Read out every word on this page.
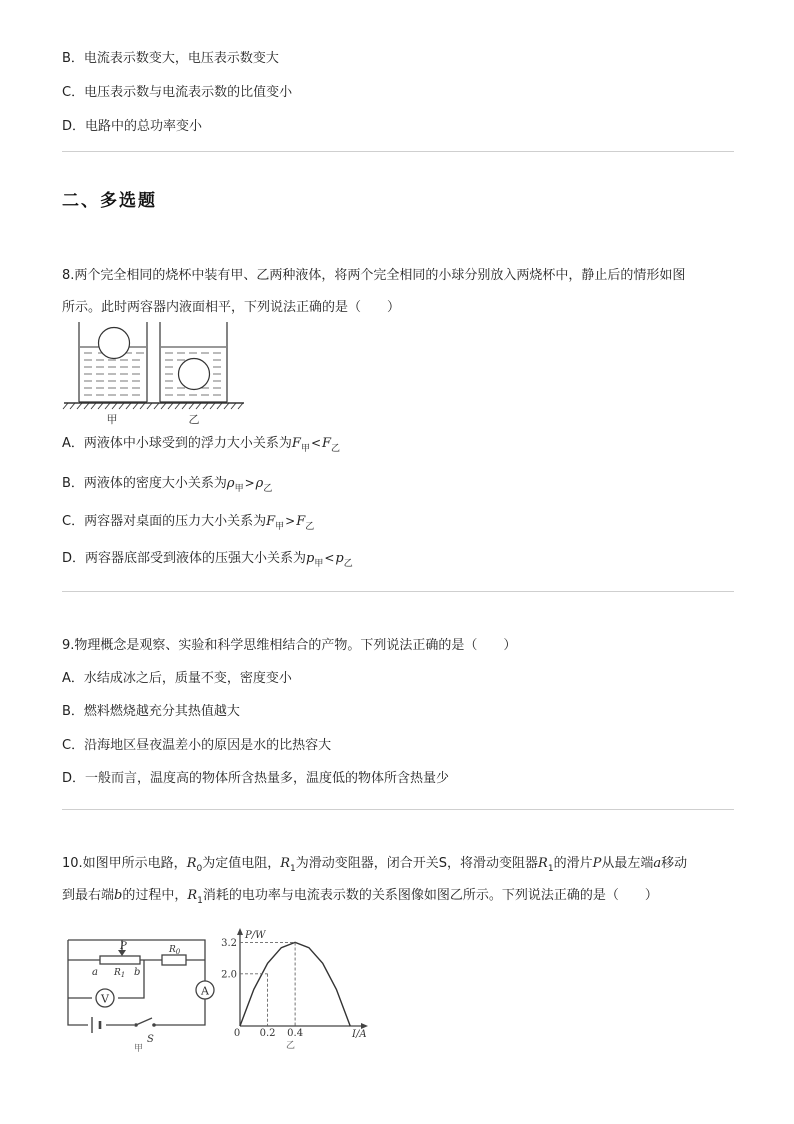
B．电流表示数变大，电压表示数变大
C．电压表示数与电流表示数的比值变小
D．电路中的总功率变小
二、多选题
8.两个完全相同的烧杯中装有甲、乙两种液体，将两个完全相同的小球分别放入两烧杯中，静止后的情形如图
所示。此时两容器内液面相平，下列说法正确的是（　　）
甲	乙
A．两液体中小球受到的浮力大小关系为$F_甲<F_乙$
B．两液体的密度大小关系为$\rho_甲>\rho_乙$
C．两容器对桌面的压力大小关系为$F_甲>F_乙$
D．两容器底部受到液体的压强大小关系为$p_甲<p_乙$
9.物理概念是观察、实验和科学思维相结合的产物。下列说法正确的是（　　）
A．水结成冰之后，质量不变，密度变小
B．燃料燃烧越充分其热值越大
C．沿海地区昼夜温差小的原因是水的比热容大
D．一般而言，温度高的物体所含热量多，温度低的物体所含热量少
10.如图甲所示电路，$R_0$为定值电阻，$R_1$为滑动变阻器，闭合开关S，将滑动变阻器$R_1$的滑片P从最左端a移动
到最右端b的过程中，$R_1$消耗的电功率与电流表示数的关系图像如图乙所示。下列说法正确的是（　　）
V
A
P	$R_0$
a $R_1$ b
S
甲
P/W
I/A
0
乙
3.2
2.0
0.2 0.4
